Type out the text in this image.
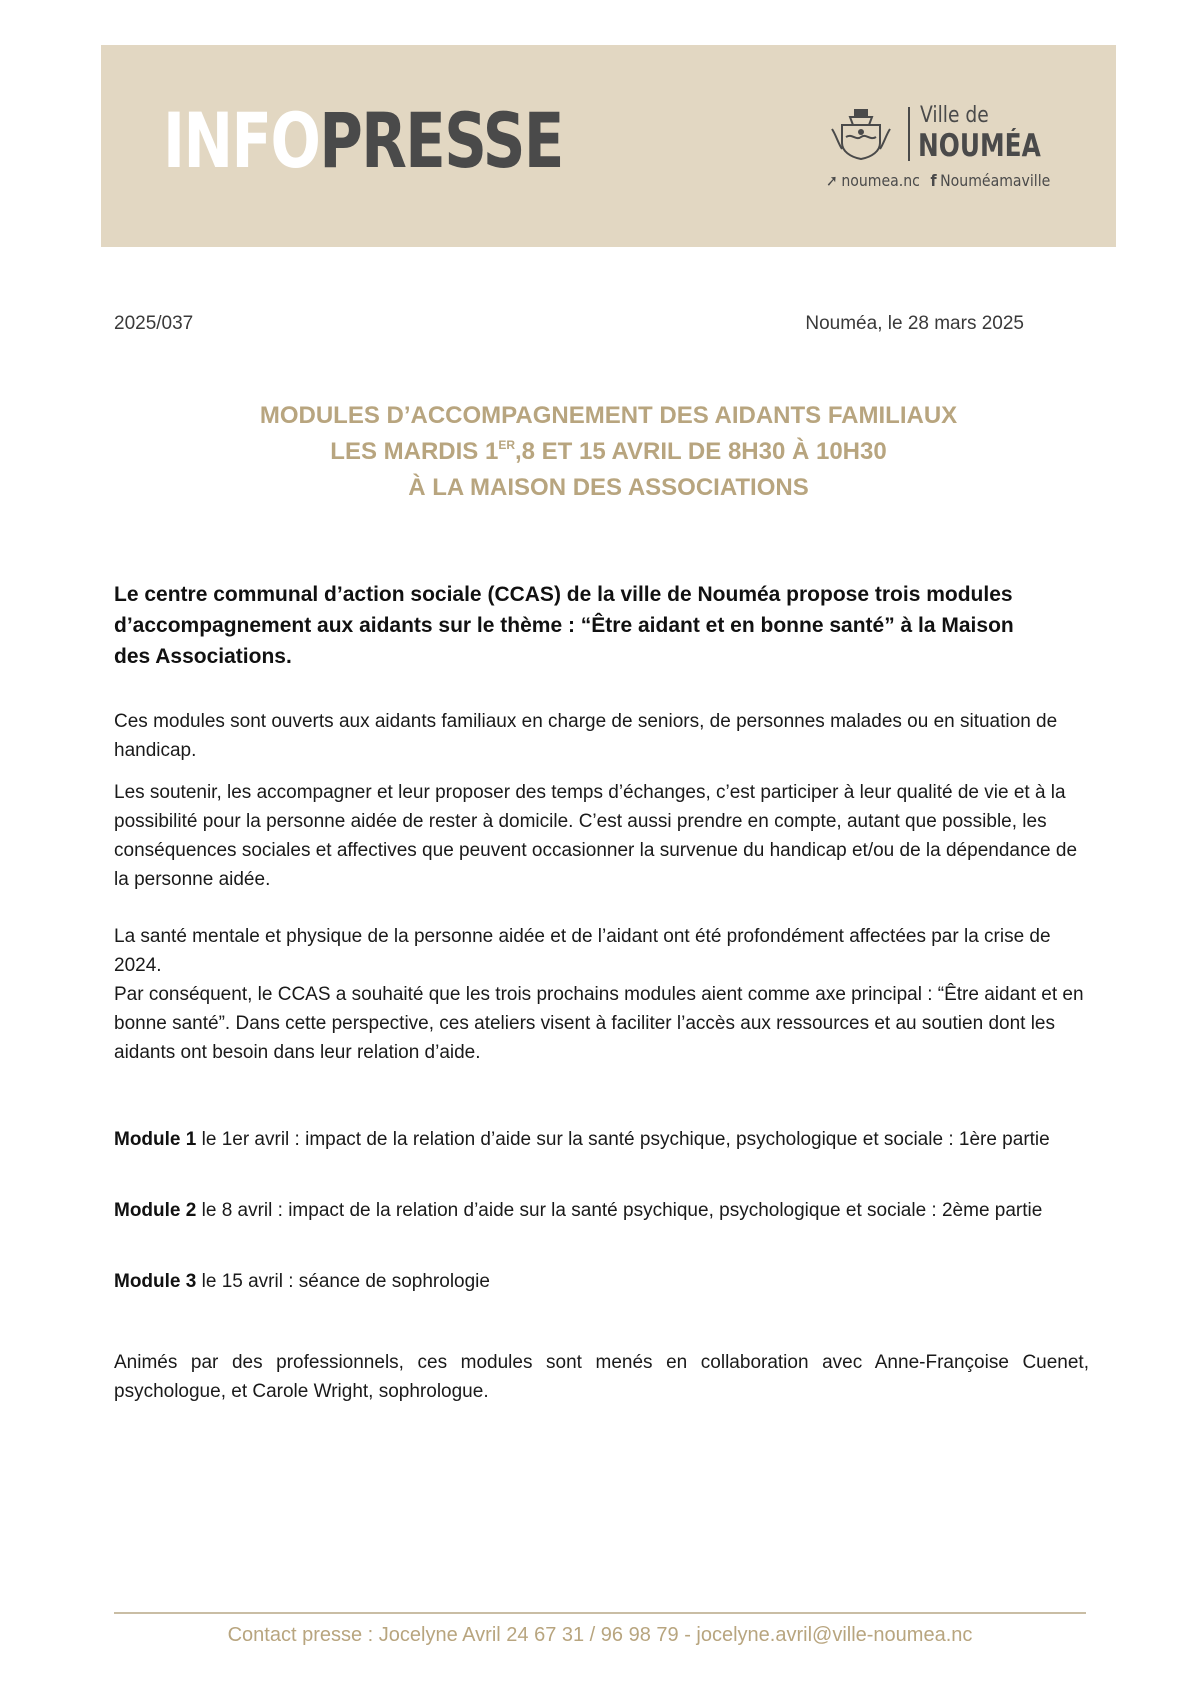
INFOPRESSE	Ville de
NOUMÉA
➚ noumea.nc f Nouméamaville
2025/037	Nouméa, le 28 mars 2025
MODULES D’ACCOMPAGNEMENT DES AIDANTS FAMILIAUX
LES MARDIS 1ER,8 ET 15 AVRIL DE 8H30 À 10H30
À LA MAISON DES ASSOCIATIONS
Le centre communal d’action sociale (CCAS) de la ville de Nouméa propose trois modules d’accompagnement aux aidants sur le thème : “Être aidant et en bonne santé” à la Maison des Associations.
Ces modules sont ouverts aux aidants familiaux en charge de seniors, de personnes malades ou en situation de handicap.
Les soutenir, les accompagner et leur proposer des temps d’échanges, c’est participer à leur qualité de vie et à la possibilité pour la personne aidée de rester à domicile. C’est aussi prendre en compte, autant que possible, les conséquences sociales et affectives que peuvent occasionner la survenue du handicap et/ou de la dépendance de la personne aidée.
La santé mentale et physique de la personne aidée et de l’aidant ont été profondément affectées par la crise de 2024.
Par conséquent, le CCAS a souhaité que les trois prochains modules aient comme axe principal : “Être aidant et en bonne santé”. Dans cette perspective, ces ateliers visent à faciliter l’accès aux ressources et au soutien dont les aidants ont besoin dans leur relation d’aide.
Module 1 le 1er avril : impact de la relation d’aide sur la santé psychique, psychologique et sociale : 1ère partie
Module 2 le 8 avril : impact de la relation d’aide sur la santé psychique, psychologique et sociale : 2ème partie
Module 3 le 15 avril : séance de sophrologie
Animés par des professionnels, ces modules sont menés en collaboration avec Anne-Françoise Cuenet, psychologue, et Carole Wright, sophrologue.
Contact presse : Jocelyne Avril 24 67 31 / 96 98 79 - jocelyne.avril@ville-noumea.nc
